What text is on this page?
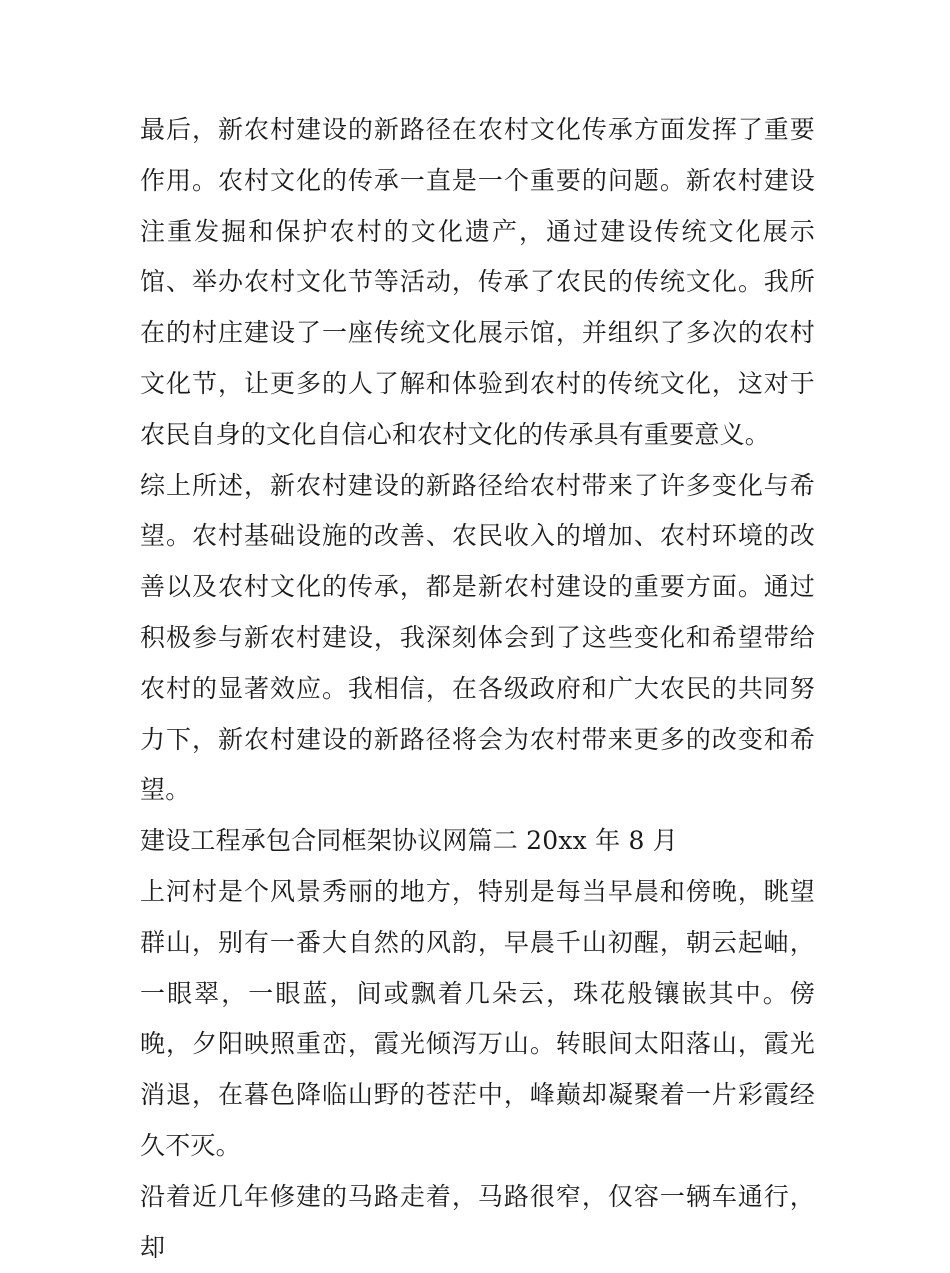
最后，新农村建设的新路径在农村文化传承方面发挥了重要作用。农村文化的传承一直是一个重要的问题。新农村建设注重发掘和保护农村的文化遗产，通过建设传统文化展示馆、举办农村文化节等活动，传承了农民的传统文化。我所在的村庄建设了一座传统文化展示馆，并组织了多次的农村文化节，让更多的人了解和体验到农村的传统文化，这对于农民自身的文化自信心和农村文化的传承具有重要意义。

综上所述，新农村建设的新路径给农村带来了许多变化与希望。农村基础设施的改善、农民收入的增加、农村环境的改善以及农村文化的传承，都是新农村建设的重要方面。通过积极参与新农村建设，我深刻体会到了这些变化和希望带给农村的显著效应。我相信，在各级政府和广大农民的共同努力下，新农村建设的新路径将会为农村带来更多的改变和希望。

建设工程承包合同框架协议网篇二 20xx 年 8 月

上河村是个风景秀丽的地方，特别是每当早晨和傍晚，眺望群山，别有一番大自然的风韵，早晨千山初醒，朝云起岫，一眼翠，一眼蓝，间或飘着几朵云，珠花般镶嵌其中。傍晚，夕阳映照重峦，霞光倾泻万山。转眼间太阳落山，霞光消退，在暮色降临山野的苍茫中，峰巅却凝聚着一片彩霞经久不灭。

沿着近几年修建的马路走着，马路很窄，仅容一辆车通行，却
